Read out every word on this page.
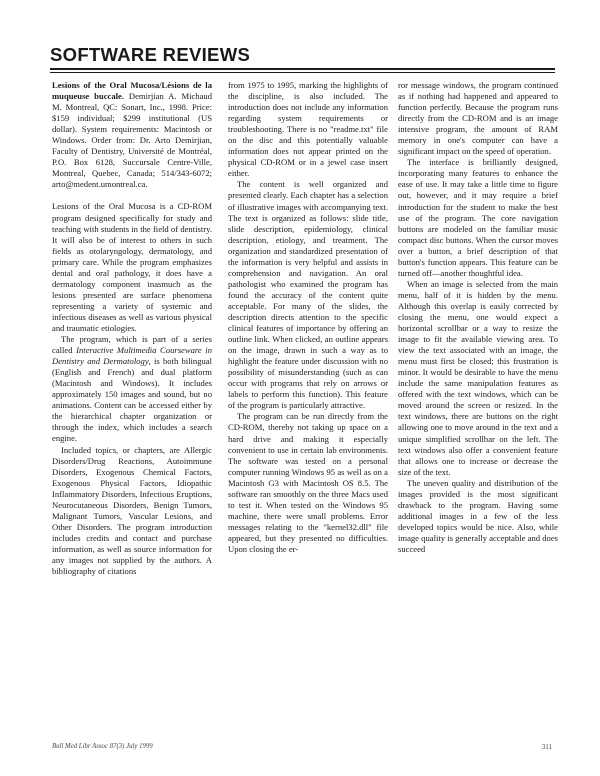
SOFTWARE REVIEWS

Lesions of the Oral Mucosa/Lésions de la muqueuse buccale. Demirjian A. Michaud M. Montreal, QC: Sonart, Inc., 1998. Price: $159 individual; $299 institutional (US dollar). System requirements: Macintosh or Windows. Order from: Dr. Arto Demirjian, Faculty of Dentistry, Université de Montréal, P.O. Box 6128, Succursale Centre-Ville, Montreal, Quebec, Canada; 514/343-6072; arto@medent.umontreal.ca.

Lesions of the Oral Mucosa is a CD-ROM program designed specifically for study and teaching with students in the field of dentistry. It will also be of interest to others in such fields as otolaryngology, dermatology, and primary care. While the program emphasizes dental and oral pathology, it does have a dermatology component inasmuch as the lesions presented are surface phenomena representing a variety of systemic and infectious diseases as well as various physical and traumatic etiologies.

The program, which is part of a series called Interactive Multimedia Courseware in Dentistry and Dermatology, is both bilingual (English and French) and dual platform (Macintosh and Windows). It includes approximately 150 images and sound, but no animations. Content can be accessed either by the hierarchical chapter organization or through the index, which includes a search engine.

Included topics, or chapters, are Allergic Disorders/Drug Reactions, Autoimmune Disorders, Exogenous Chemical Factors, Exogenous Physical Factors, Idiopathic Inflammatory Disorders, Infectious Eruptions, Neurocutaneous Disorders, Benign Tumors, Malignant Tumors, Vascular Lesions, and Other Disorders. The program introduction includes credits and contact and purchase information, as well as source information for any images not supplied by the authors. A bibliography of citations

from 1975 to 1995, marking the highlights of the discipline, is also included. The introduction does not include any information regarding system requirements or troubleshooting. There is no "readme.txt" file on the disc and this potentially valuable information does not appear printed on the physical CD-ROM or in a jewel case insert either.

The content is well organized and presented clearly. Each chapter has a selection of illustrative images with accompanying text. The text is organized as follows: slide title, slide description, epidemiology, clinical description, etiology, and treatment. The organization and standardized presentation of the information is very helpful and assists in comprehension and navigation. An oral pathologist who examined the program has found the accuracy of the content quite acceptable. For many of the slides, the description directs attention to the specific clinical features of importance by offering an outline link. When clicked, an outline appears on the image, drawn in such a way as to highlight the feature under discussion with no possibility of misunderstanding (such as can occur with programs that rely on arrows or labels to perform this function). This feature of the program is particularly attractive.

The program can be run directly from the CD-ROM, thereby not taking up space on a hard drive and making it especially convenient to use in certain lab environments. The software was tested on a personal computer running Windows 95 as well as on a Macintosh G3 with Macintosh OS 8.5. The software ran smoothly on the three Macs used to test it. When tested on the Windows 95 machine, there were small problems. Error messages relating to the "kernel32.dll" file appeared, but they presented no difficulties. Upon closing the er-

ror message windows, the program continued as if nothing had happened and appeared to function perfectly. Because the program runs directly from the CD-ROM and is an image intensive program, the amount of RAM memory in one's computer can have a significant impact on the speed of operation.

The interface is brilliantly designed, incorporating many features to enhance the ease of use. It may take a little time to figure out, however, and it may require a brief introduction for the student to make the best use of the program. The core navigation buttons are modeled on the familiar music compact disc buttons. When the cursor moves over a button, a brief description of that button's function appears. This feature can be turned off—another thoughtful idea.

When an image is selected from the main menu, half of it is hidden by the menu. Although this overlap is easily corrected by closing the menu, one would expect a horizontal scrollbar or a way to resize the image to fit the available viewing area. To view the text associated with an image, the menu must first be closed; this frustration is minor. It would be desirable to have the menu include the same manipulation features as offered with the text windows, which can be moved around the screen or resized. In the text windows, there are buttons on the right allowing one to move around in the text and a unique simplified scrollbar on the left. The text windows also offer a convenient feature that allows one to increase or decrease the size of the text.

The uneven quality and distribution of the images provided is the most significant drawback to the program. Having some additional images in a few of the less developed topics would be nice. Also, while image quality is generally acceptable and does succeed

Bull Med Libr Assoc 87(3) July 1999	311
